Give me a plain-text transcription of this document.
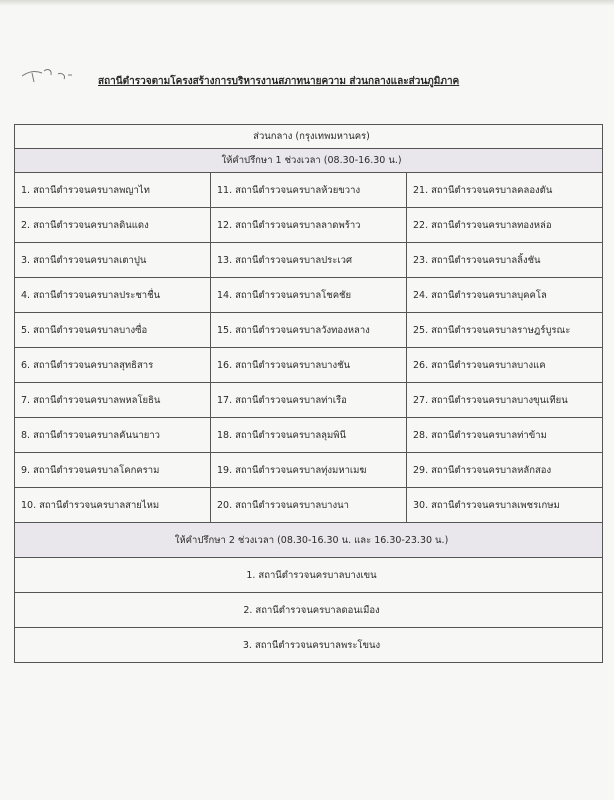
สถานีตำรวจตามโครงสร้างการบริหารงานสภาทนายความ ส่วนกลางและส่วนภูมิภาค
ส่วนกลาง (กรุงเทพมหานคร)		
ให้คำปรึกษา 1 ช่วงเวลา (08.30-16.30 น.)		
1. สถานีตำรวจนครบาลพญาไท	11. สถานีตำรวจนครบาลห้วยขวาง	21. สถานีตำรวจนครบาลคลองตัน
2. สถานีตำรวจนครบาลดินแดง	12. สถานีตำรวจนครบาลลาดพร้าว	22. สถานีตำรวจนครบาลทองหล่อ
3. สถานีตำรวจนครบาลเตาปูน	13. สถานีตำรวจนครบาลประเวศ	23. สถานีตำรวจนครบาลลิ้งชัน
4. สถานีตำรวจนครบาลประชาชื่น	14. สถานีตำรวจนครบาลโชคชัย	24. สถานีตำรวจนครบาลบุคคโล
5. สถานีตำรวจนครบาลบางซื่อ	15. สถานีตำรวจนครบาลวังทองหลาง	25. สถานีตำรวจนครบาลราษฎร์บูรณะ
6. สถานีตำรวจนครบาลสุทธิสาร	16. สถานีตำรวจนครบาลบางชัน	26. สถานีตำรวจนครบาลบางแค
7. สถานีตำรวจนครบาลพหลโยธิน	17. สถานีตำรวจนครบาลท่าเรือ	27. สถานีตำรวจนครบาลบางขุนเทียน
8. สถานีตำรวจนครบาลคันนายาว	18. สถานีตำรวจนครบาลลุมพินี	28. สถานีตำรวจนครบาลท่าข้าม
9. สถานีตำรวจนครบาลโคกคราม	19. สถานีตำรวจนครบาลทุ่งมหาเมฆ	29. สถานีตำรวจนครบาลหลักสอง
10. สถานีตำรวจนครบาลสายไหม	20. สถานีตำรวจนครบาลบางนา	30. สถานีตำรวจนครบาลเพชรเกษม
ให้คำปรึกษา 2 ช่วงเวลา (08.30-16.30 น. และ 16.30-23.30 น.)		
1. สถานีตำรวจนครบาลบางเขน		
2. สถานีตำรวจนครบาลดอนเมือง		
3. สถานีตำรวจนครบาลพระโขนง		
